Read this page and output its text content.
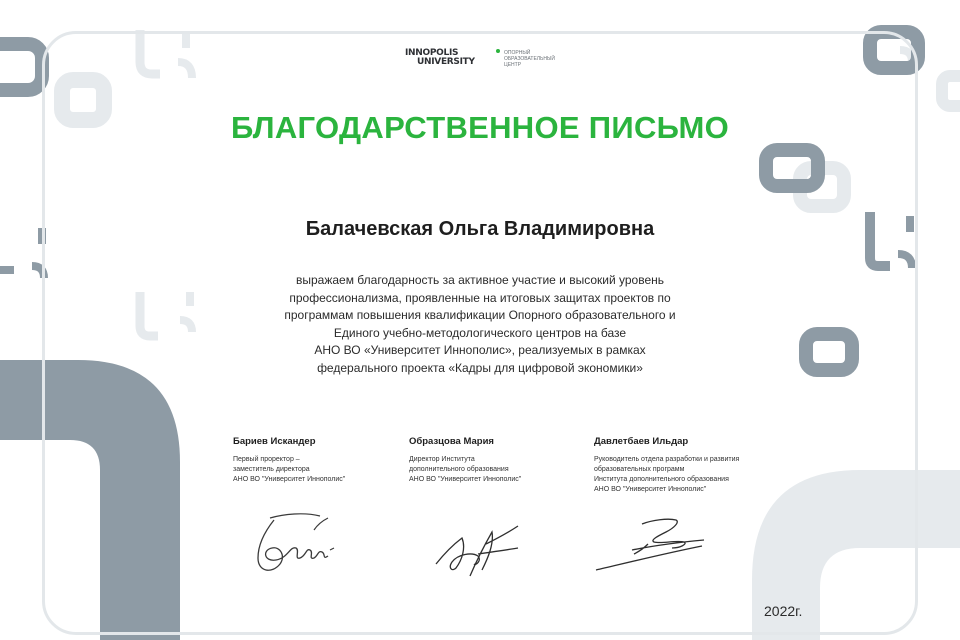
INNOPOLIS
UNIVERSITY
ОПОРНЫЙ
ОБРАЗОВАТЕЛЬНЫЙ
ЦЕНТР
БЛАГОДАРСТВЕННОЕ ПИСЬМО
Балачевская Ольга Владимировна
выражаем благодарность за активное участие и высокий уровень
профессионализма, проявленные на итоговых защитах проектов по
программам повышения квалификации Опорного образовательного и
Единого учебно-методологического центров на базе
АНО ВО «Университет Иннополис», реализуемых в рамках
федерального проекта «Кадры для цифровой экономики»
Бариев Искандер
Первый проректор –
заместитель директора
АНО ВО "Университет Иннополис"
Образцова Мария
Директор Института
дополнительного образования
АНО ВО "Университет Иннополис"
Давлетбаев Ильдар
Руководитель отдела разработки и развития
образовательных программ
Института дополнительного образования
АНО ВО "Университет Иннополис"
2022г.
